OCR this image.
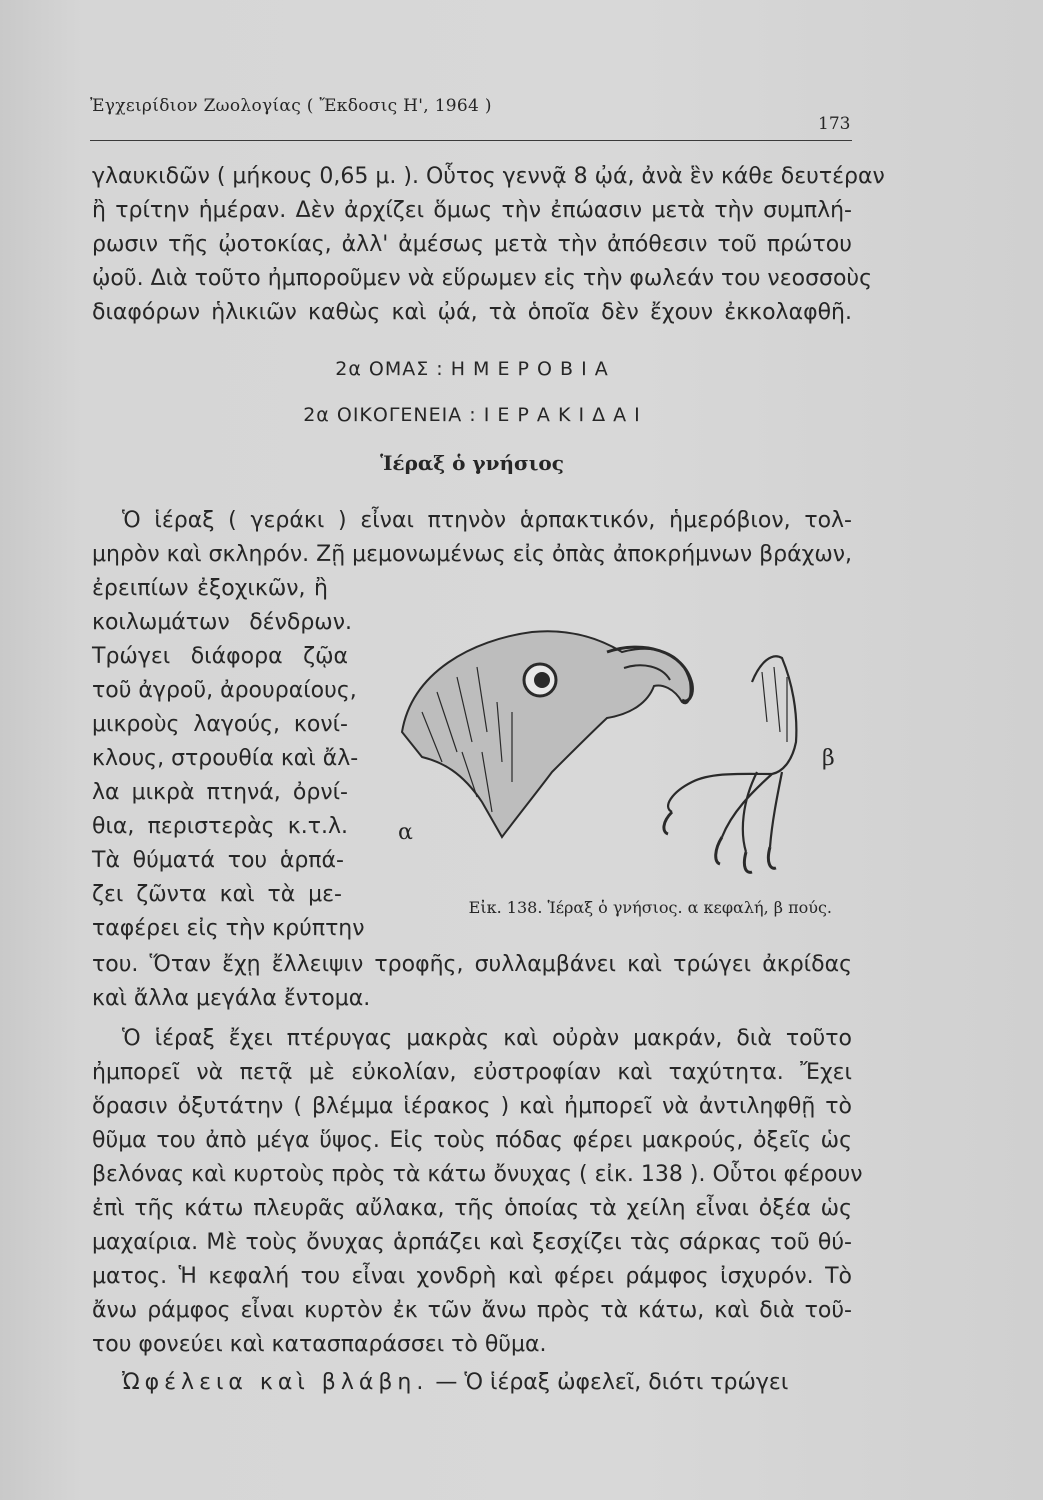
Ἐγχειρίδιον Ζωολογίας ( Ἔκδοσις Η', 1964 )
173
γλαυκιδῶν ( μήκους 0,65 μ. ). Οὗτος γεννᾷ 8 ᾠά, ἀνὰ ἓν κάθε δευτέραν
ἢ τρίτην ἡμέραν. Δὲν ἀρχίζει ὅμως τὴν ἐπώασιν μετὰ τὴν συμπλή-
ρωσιν τῆς ᾠοτοκίας, ἀλλ' ἀμέσως μετὰ τὴν ἀπόθεσιν τοῦ πρώτου
ᾠοῦ. Διὰ τοῦτο ἠμποροῦμεν νὰ εὕρωμεν εἰς τὴν φωλεάν του νεοσσοὺς
διαφόρων ἡλικιῶν καθὼς καὶ ᾠά, τὰ ὁποῖα δὲν ἔχουν ἐκκολαφθῆ.
2α ΟΜΑΣ : Η Μ Ε Ρ Ο Β Ι Α
2α ΟΙΚΟΓΕΝΕΙΑ : Ι Ε Ρ Α Κ Ι Δ Α Ι
Ἱέραξ ὁ γνήσιος
Ὁ ἱέραξ ( γεράκι ) εἶναι πτηνὸν ἁρπακτικόν, ἡμερόβιον, τολ-
μηρὸν καὶ σκληρόν. Ζῇ μεμονωμένως εἰς ὀπὰς ἀποκρήμνων βράχων,
ἐρειπίων ἐξοχικῶν, ἢ
κοιλωμάτων δένδρων.
Τρώγει διάφορα ζῷα
τοῦ ἀγροῦ, ἀρουραίους,
μικροὺς λαγούς, κονί-
κλους, στρουθία καὶ ἄλ-
λα μικρὰ πτηνά, ὀρνί-
θια, περιστερὰς κ.τ.λ.
Τὰ θύματά του ἁρπά-
ζει ζῶντα καὶ τὰ με-
ταφέρει εἰς τὴν κρύπτην
α
β
Εἰκ. 138. Ἱέραξ ὁ γνήσιος. α κεφαλή, β πούς.
του. Ὅταν ἔχῃ ἔλλειψιν τροφῆς, συλλαμβάνει καὶ τρώγει ἀκρίδας
καὶ ἄλλα μεγάλα ἔντομα.
Ὁ ἱέραξ ἔχει πτέρυγας μακρὰς καὶ οὐρὰν μακράν, διὰ τοῦτο
ἠμπορεῖ νὰ πετᾷ μὲ εὐκολίαν, εὐστροφίαν καὶ ταχύτητα. Ἔχει
ὅρασιν ὀξυτάτην ( βλέμμα ἱέρακος ) καὶ ἠμπορεῖ νὰ ἀντιληφθῇ τὸ
θῦμα του ἀπὸ μέγα ὕψος. Εἰς τοὺς πόδας φέρει μακρούς, ὀξεῖς ὡς
βελόνας καὶ κυρτοὺς πρὸς τὰ κάτω ὄνυχας ( εἰκ. 138 ). Οὗτοι φέρουν
ἐπὶ τῆς κάτω πλευρᾶς αὔλακα, τῆς ὁποίας τὰ χείλη εἶναι ὀξέα ὡς
μαχαίρια. Μὲ τοὺς ὄνυχας ἁρπάζει καὶ ξεσχίζει τὰς σάρκας τοῦ θύ-
ματος. Ἡ κεφαλή του εἶναι χονδρὴ καὶ φέρει ράμφος ἰσχυρόν. Τὸ
ἄνω ράμφος εἶναι κυρτὸν ἐκ τῶν ἄνω πρὸς τὰ κάτω, καὶ διὰ τοῦ-
του φονεύει καὶ κατασπαράσσει τὸ θῦμα.
Ὠφέλεια καὶ βλάβη. — Ὁ ἱέραξ ὠφελεῖ, διότι τρώγει
